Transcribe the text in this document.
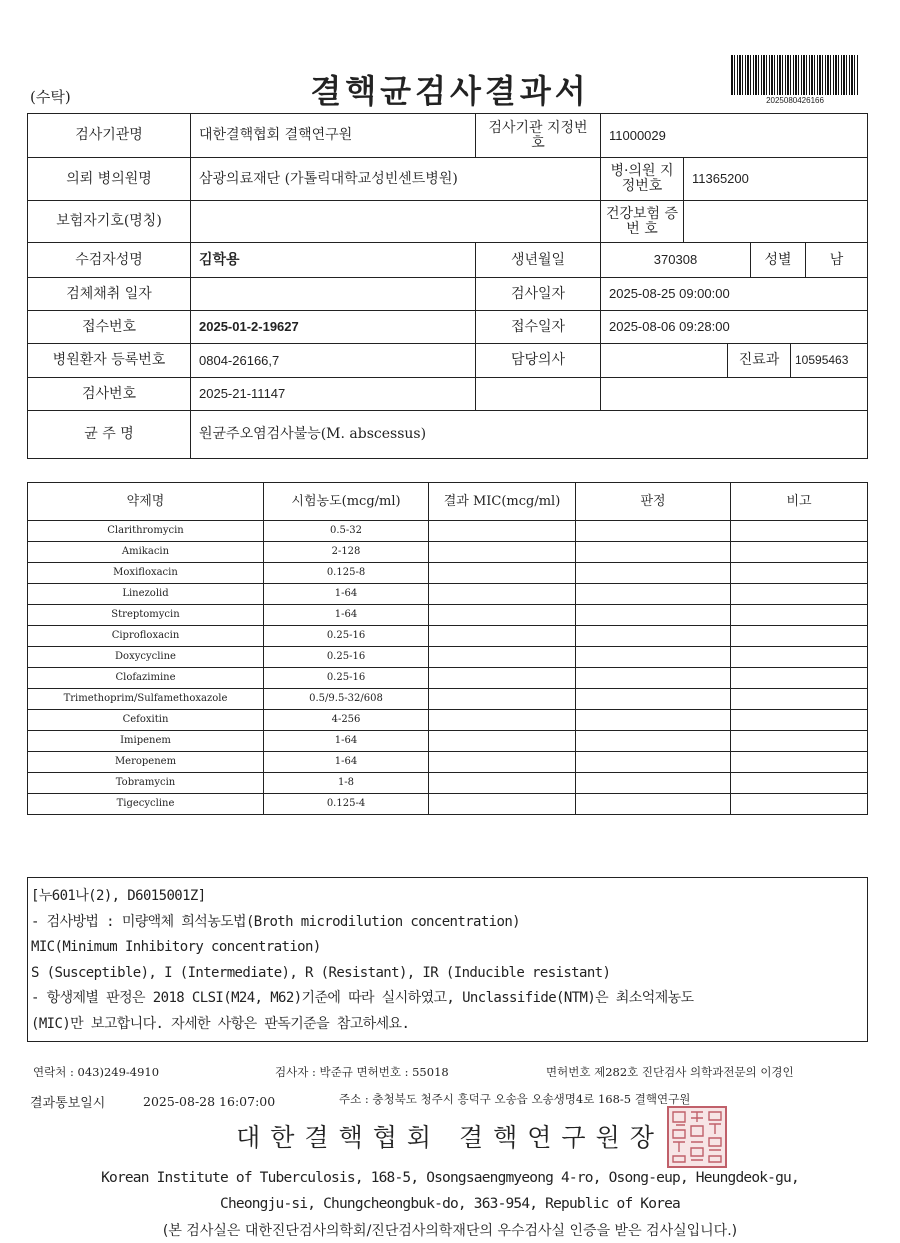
(수탁)	결핵균검사결과서	2025080426166
검사기관명	대한결핵협회 결핵연구원	검사기관 지정번호	11000029					
의뢰 병의원명	삼광의료재단 (가톨릭대학교성빈센트병원)		병·의원 지정번호	11365200				
보험자기호(명칭)			건강보험 증 번 호					
수검자성명	김학용	생년월일	370308			성별		남
검체채취 일자		검사일자	2025-08-25 09:00:00					
접수번호	2025-01-2-19627	접수일자	2025-08-06 09:28:00					
병원환자 등록번호	0804-26166,7	담당의사			진료과		10595463	
검사번호	2025-21-11147							
균 주 명	원균주오염검사불능(M. abscessus)							
약제명	시험농도(mcg/ml)	결과 MIC(mcg/ml)	판정	비고
Clarithromycin	0.5-32			
Amikacin	2-128			
Moxifloxacin	0.125-8			
Linezolid	1-64			
Streptomycin	1-64			
Ciprofloxacin	0.25-16			
Doxycycline	0.25-16			
Clofazimine	0.25-16			
Trimethoprim/Sulfamethoxazole	0.5/9.5-32/608			
Cefoxitin	4-256			
Imipenem	1-64			
Meropenem	1-64			
Tobramycin	1-8			
Tigecycline	0.125-4			
[누601나(2), D6015001Z]
- 검사방법 : 미량액체 희석농도법(Broth microdilution concentration)
MIC(Minimum Inhibitory concentration)
S (Susceptible), I (Intermediate), R (Resistant), IR (Inducible resistant)
- 항생제별 판정은 2018 CLSI(M24, M62)기준에 따라 실시하였고, Unclassifide(NTM)은 최소억제농도
(MIC)만 보고합니다. 자세한 사항은 판독기준을 참고하세요.
연락처 : 043)249-4910	검사자 : 박준규 면허번호 : 55018	면허번호 제282호 진단검사 의학과전문의 이경인
결과통보일시	2025-08-28 16:07:00	주소 : 충청북도 청주시 흥덕구 오송읍 오송생명4로 168-5 결핵연구원
대한결핵협회 결핵연구원장
Korean Institute of Tuberculosis, 168-5, Osongsaengmyeong 4-ro, Osong-eup, Heungdeok-gu,
Cheongju-si, Chungcheongbuk-do, 363-954, Republic of Korea
(본 검사실은 대한진단검사의학회/진단검사의학재단의 우수검사실 인증을 받은 검사실입니다.)
